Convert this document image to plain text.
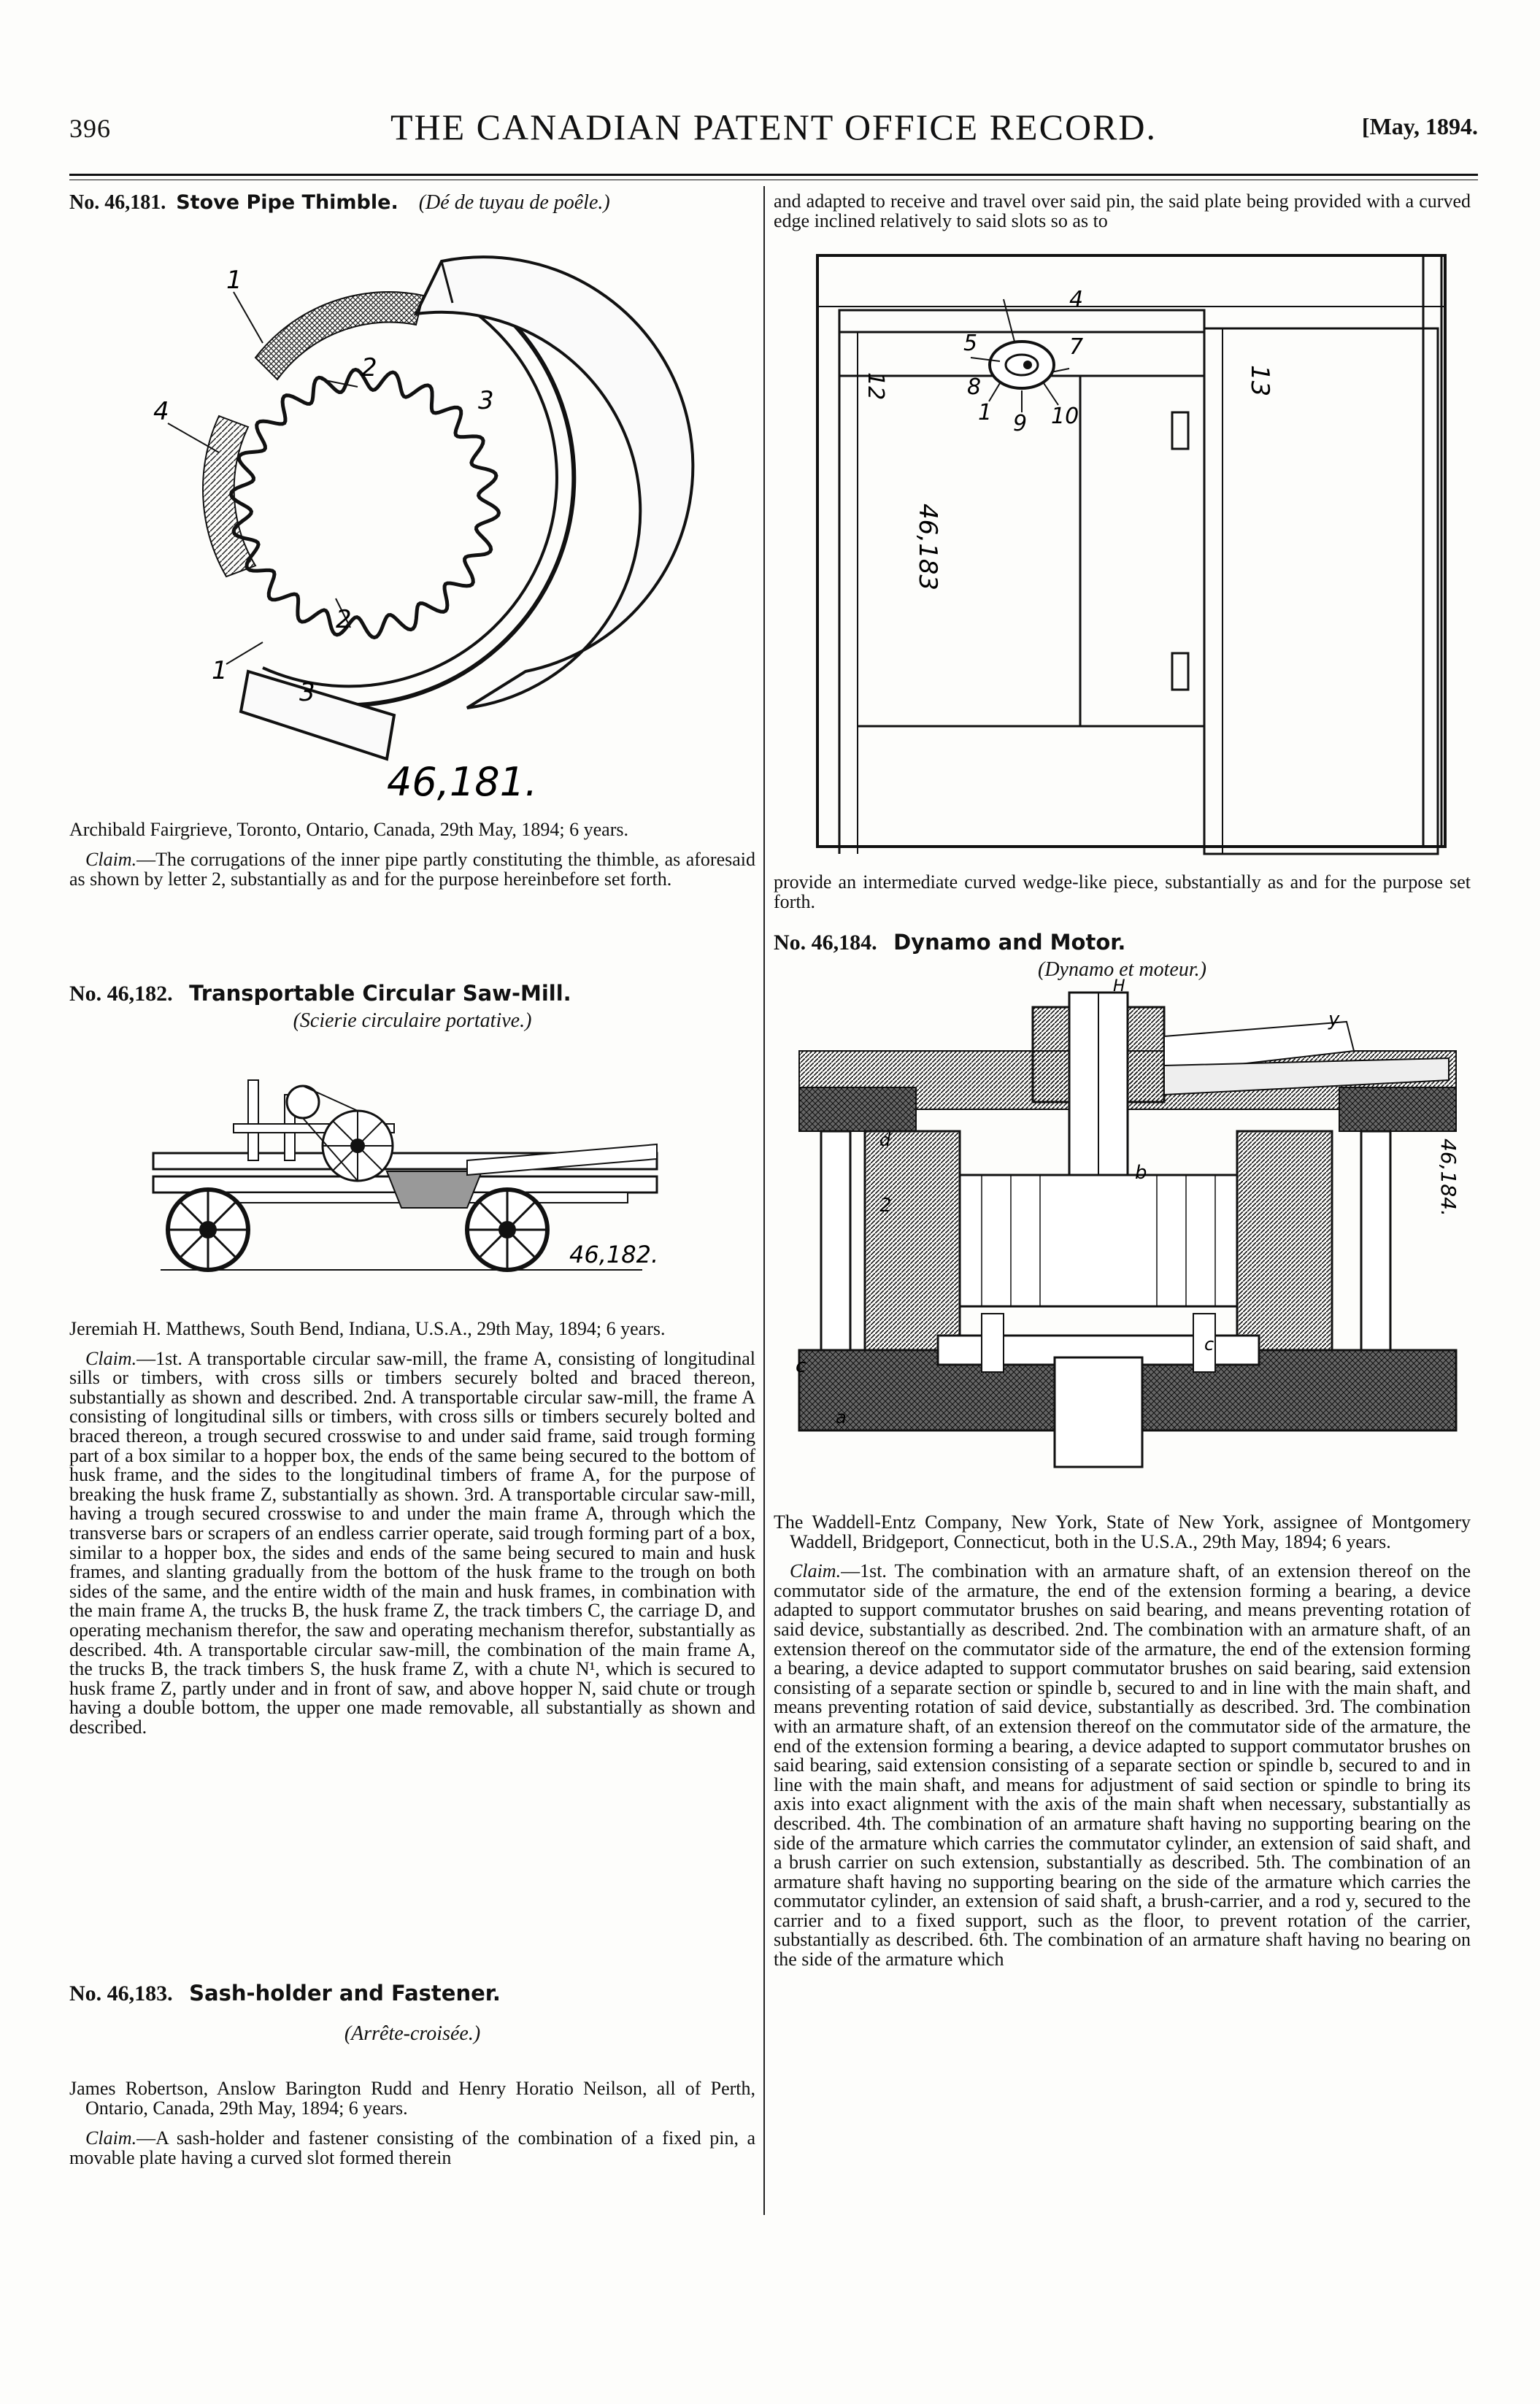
396	THE CANADIAN PATENT OFFICE RECORD.	[May, 1894.

No. 46,181. Stove Pipe Thimble. (Dé de tuyau de poêle.)

1
2
3
4
1
2
3
46,181.

Archibald Fairgrieve, Toronto, Ontario, Canada, 29th May, 1894; 6 years.

Claim.—The corrugations of the inner pipe partly constituting the thimble, as aforesaid as shown by letter 2, substantially as and for the purpose hereinbefore set forth.

No. 46,182. Transportable Circular Saw-Mill.

(Scierie circulaire portative.)
46,182.

Jeremiah H. Matthews, South Bend, Indiana, U.S.A., 29th May, 1894; 6 years.

Claim.—1st. A transportable circular saw-mill, the frame A, consisting of longitudinal sills or timbers, with cross sills or timbers securely bolted and braced thereon, substantially as shown and described. 2nd. A transportable circular saw-mill, the frame A consisting of longitudinal sills or timbers, with cross sills or timbers securely bolted and braced thereon, a trough secured crosswise to and under said frame, said trough forming part of a box similar to a hopper box, the ends of the same being secured to the bottom of husk frame, and the sides to the longitudinal timbers of frame A, for the purpose of breaking the husk frame Z, substantially as shown. 3rd. A transportable circular saw-mill, having a trough secured crosswise to and under the main frame A, through which the transverse bars or scrapers of an endless carrier operate, said trough forming part of a box, similar to a hopper box, the sides and ends of the same being secured to main and husk frames, and slanting gradually from the bottom of the husk frame to the trough on both sides of the same, and the entire width of the main and husk frames, in combination with the main frame A, the trucks B, the husk frame Z, the track timbers C, the carriage D, and operating mechanism therefor, the saw and operating mechanism therefor, substantially as described. 4th. A transportable circular saw-mill, the combination of the main frame A, the trucks B, the track timbers S, the husk frame Z, with a chute N¹, which is secured to husk frame Z, partly under and in front of saw, and above hopper N, said chute or trough having a double bottom, the upper one made removable, all substantially as shown and described.

No. 46,183. Sash-holder and Fastener.

(Arrête-croisée.)

James Robertson, Anslow Barington Rudd and Henry Horatio Neilson, all of Perth, Ontario, Canada, 29th May, 1894; 6 years.

Claim.—A sash-holder and fastener consisting of the combination of a fixed pin, a movable plate having a curved slot formed therein

and adapted to receive and travel over said pin, the said plate being provided with a curved edge inclined relatively to said slots so as to

12
5	7
8
1 9 10
4
13
46,183

provide an intermediate curved wedge-like piece, substantially as and for the purpose set forth.

No. 46,184. Dynamo and Motor.

(Dynamo et moteur.)
H
y
b
c
2
d
c
a
46,184.

The Waddell-Entz Company, New York, State of New York, assignee of Montgomery Waddell, Bridgeport, Connecticut, both in the U.S.A., 29th May, 1894; 6 years.

Claim.—1st. The combination with an armature shaft, of an extension thereof on the commutator side of the armature, the end of the extension forming a bearing, a device adapted to support commutator brushes on said bearing, and means preventing rotation of said device, substantially as described. 2nd. The combination with an armature shaft, of an extension thereof on the commutator side of the armature, the end of the extension forming a bearing, a device adapted to support commutator brushes on said bearing, said extension consisting of a separate section or spindle b, secured to and in line with the main shaft, and means preventing rotation of said device, substantially as described. 3rd. The combination with an armature shaft, of an extension thereof on the commutator side of the armature, the end of the extension forming a bearing, a device adapted to support commutator brushes on said bearing, said extension consisting of a separate section or spindle b, secured to and in line with the main shaft, and means for adjustment of said section or spindle to bring its axis into exact alignment with the axis of the main shaft when necessary, substantially as described. 4th. The combination of an armature shaft having no supporting bearing on the side of the armature which carries the commutator cylinder, an extension of said shaft, and a brush carrier on such extension, substantially as described. 5th. The combination of an armature shaft having no supporting bearing on the side of the armature which carries the commutator cylinder, an extension of said shaft, a brush-carrier, and a rod y, secured to the carrier and to a fixed support, such as the floor, to prevent rotation of the carrier, substantially as described. 6th. The combination of an armature shaft having no bearing on the side of the armature which
